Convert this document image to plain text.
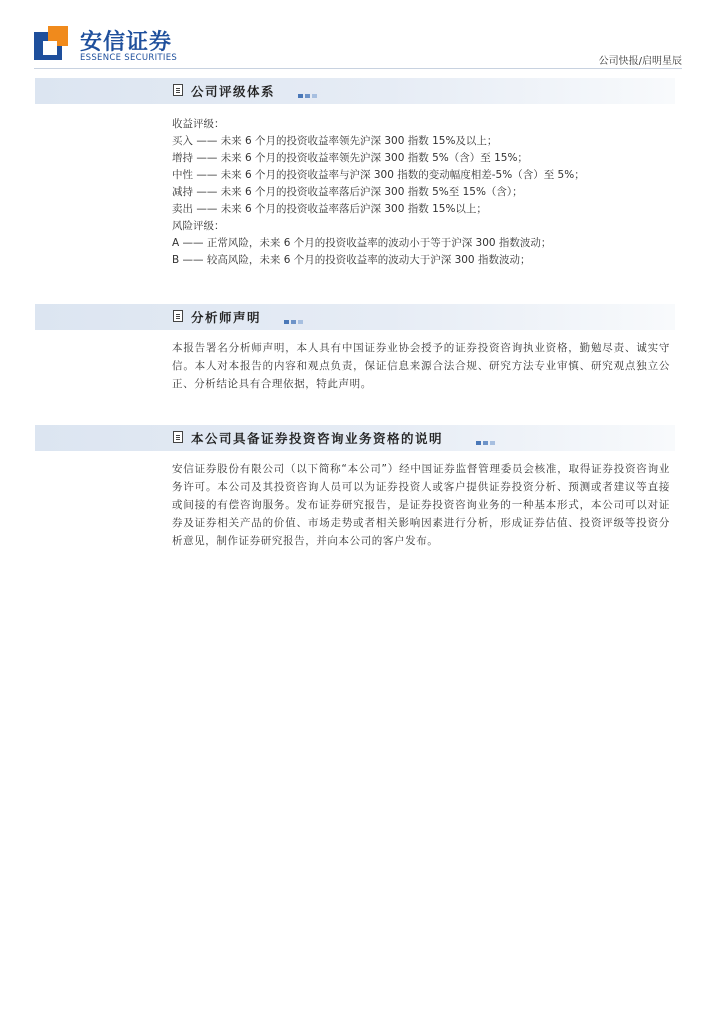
安信证券
ESSENCE SECURITIES	公司快报/启明星辰
公司评级体系

收益评级：

买入 —— 未来 6 个月的投资收益率领先沪深 300 指数 15%及以上；

增持 —— 未来 6 个月的投资收益率领先沪深 300 指数 5%（含）至 15%；

中性 —— 未来 6 个月的投资收益率与沪深 300 指数的变动幅度相差-5%（含）至 5%；

减持 —— 未来 6 个月的投资收益率落后沪深 300 指数 5%至 15%（含）；

卖出 —— 未来 6 个月的投资收益率落后沪深 300 指数 15%以上；

风险评级：

A —— 正常风险，未来 6 个月的投资收益率的波动小于等于沪深 300 指数波动；

B —— 较高风险，未来 6 个月的投资收益率的波动大于沪深 300 指数波动；

分析师声明
本报告署名分析师声明，本人具有中国证券业协会授予的证券投资咨询执业资格，勤勉尽责、诚实守信。本人对本报告的内容和观点负责，保证信息来源合法合规、研究方法专业审慎、研究观点独立公正、分析结论具有合理依据，特此声明。
本公司具备证券投资咨询业务资格的说明
安信证券股份有限公司（以下简称“本公司”）经中国证券监督管理委员会核准，取得证券投资咨询业务许可。本公司及其投资咨询人员可以为证券投资人或客户提供证券投资分析、预测或者建议等直接或间接的有偿咨询服务。发布证券研究报告，是证券投资咨询业务的一种基本形式，本公司可以对证券及证券相关产品的价值、市场走势或者相关影响因素进行分析，形成证券估值、投资评级等投资分析意见，制作证券研究报告，并向本公司的客户发布。
